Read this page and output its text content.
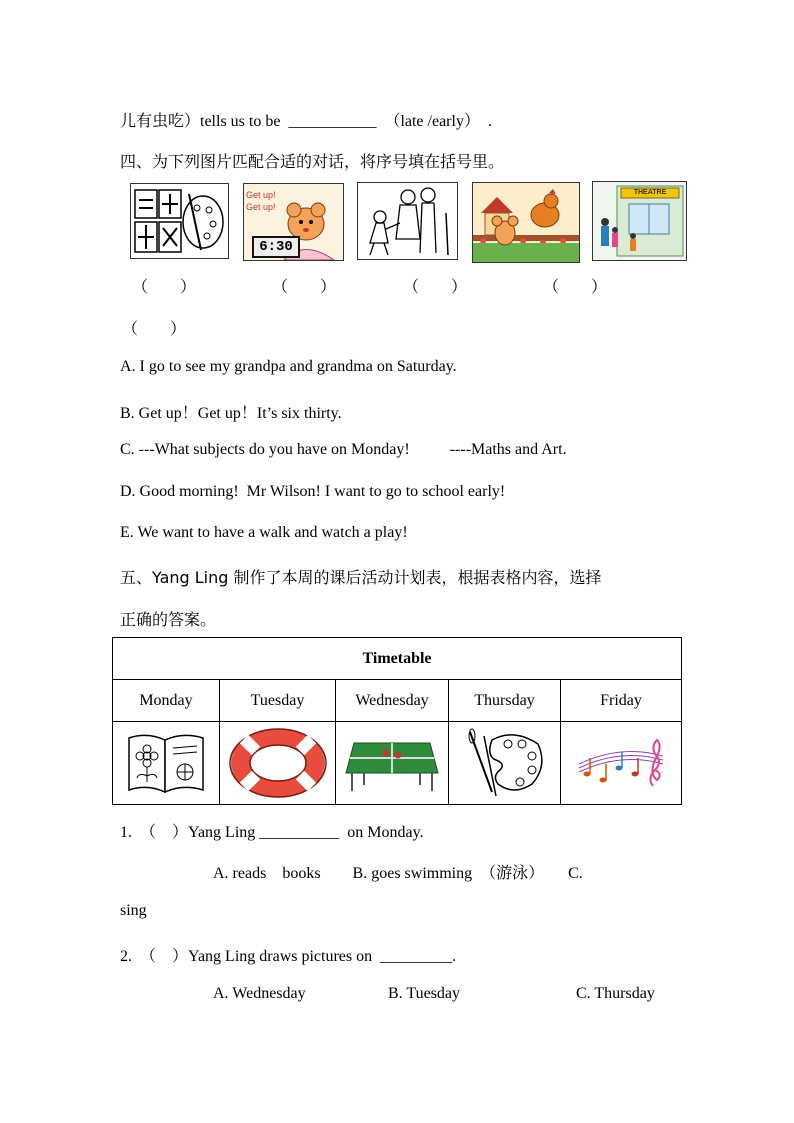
儿有虫吃）tells us to be  ___________  （late /early）  .
四、为下列图片匹配合适的对话，将序号填在括号里。
Get up!
Get up!
6:30
THEATRE
（　　）	（　　）	（　　）	（　　）
（　　）
A. I go to see my grandpa and grandma on Saturday.
B. Get up！Get up！It’s six thirty.
C. ---What subjects do you have on Monday!          ----Maths and Art.
D. Good morning!  Mr Wilson! I want to go to school early!
E. We want to have a walk and watch a play!
五、Yang Ling 制作了本周的课后活动计划表，根据表格内容，选择
正确的答案。
Timetable				
Monday	Tuesday	Wednesday	Thursday	Friday

1.  （    ）Yang Ling __________  on Monday.
A. reads    books        B. goes swimming  （游泳）      C.
sing
2.  （    ）Yang Ling draws pictures on  _________.
A. Wednesday	B. Tuesday	C. Thursday
